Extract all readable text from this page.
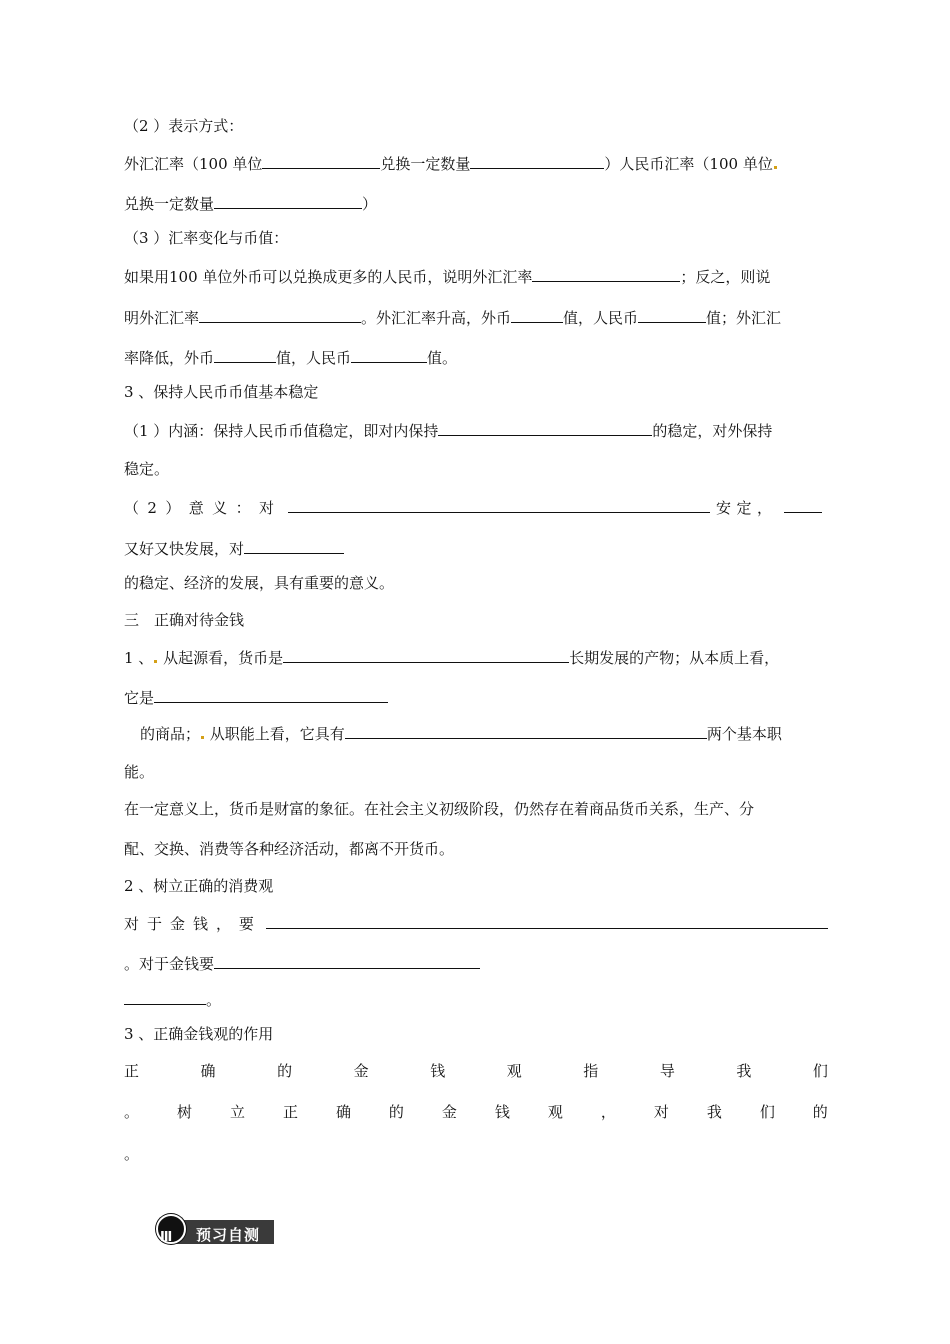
（2 ）表示方式：
外汇汇率（100 单位	兑换一定数量	）人民币汇率（100 单位
兑换一定数量	）
（3 ）汇率变化与币值：
如果用100 单位外币可以兑换成更多的人民币，说明外汇汇率	；反之，则说
明外汇汇率	。外汇汇率升高，外币	值，人民币	值；外汇汇
率降低，外币	值，人民币	值。
3 、保持人民币币值基本稳定
（1 ）内涵：保持人民币币值稳定，即对内保持	的稳定，对外保持
稳定。
（ 2 ） 意 义 ： 对	安 定 ，
又好又快发展，对
的稳定、经济的发展，具有重要的意义。
三　正确对待金钱
1 、 从起源看，货币是	长期发展的产物；从本质上看，
它是
的商品； 从职能上看，它具有	两个基本职
能。
在一定意义上，货币是财富的象征。在社会主义初级阶段，仍然存在着商品货币关系，生产、分
配、交换、消费等各种经济活动，都离不开货币。
2 、树立正确的消费观
对 于 金 钱 ， 要
。对于金钱要
。
3 、正确金钱观的作用
正	确	的	金	钱	观	指	导	我	们
。	树	立	正	确	的	金	钱	观	，	对	我	们	的
。
Ⅲ 预习自测
